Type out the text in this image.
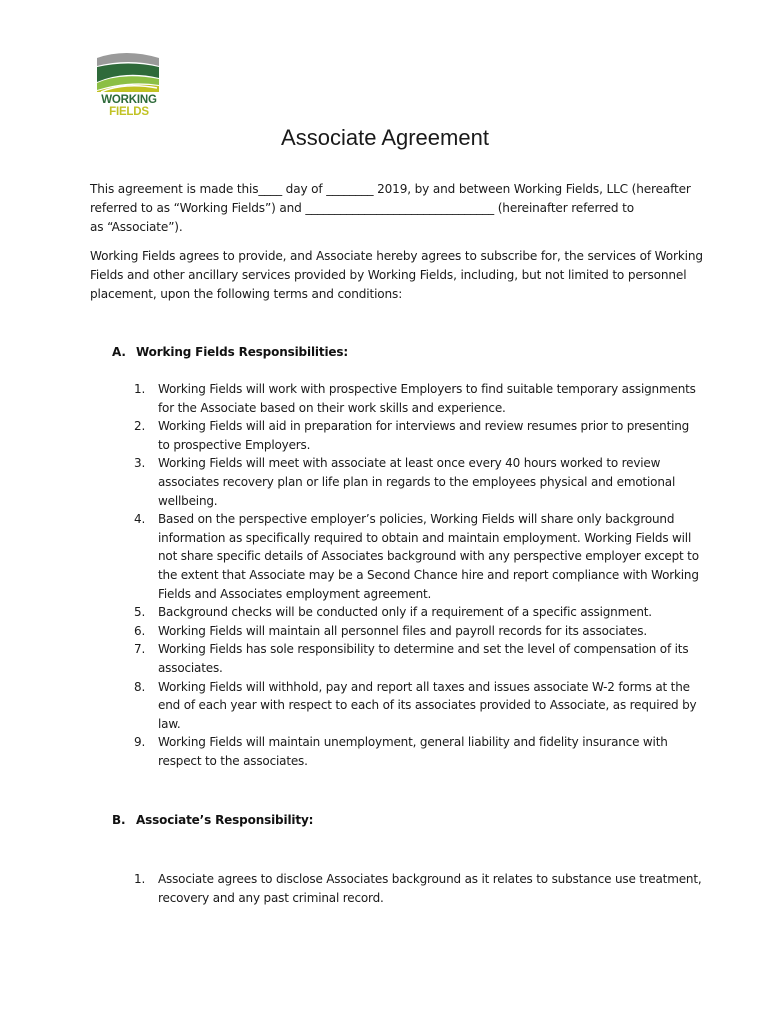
WORKING
FIELDS
Associate Agreement
This agreement is made this____ day of ________ 2019, by and between Working Fields, LLC (hereafter
referred to as “Working Fields”) and ________________________________ (hereinafter referred to
as “Associate”).
Working Fields agrees to provide, and Associate hereby agrees to subscribe for, the services of Working
Fields and other ancillary services provided by Working Fields, including, but not limited to personnel
placement, upon the following terms and conditions:
A. Working Fields Responsibilities:
1.	Working Fields will work with prospective Employers to find suitable temporary assignments
for the Associate based on their work skills and experience.
2.	Working Fields will aid in preparation for interviews and review resumes prior to presenting
to prospective Employers.
3.	Working Fields will meet with associate at least once every 40 hours worked to review
associates recovery plan or life plan in regards to the employees physical and emotional
wellbeing.
4.	Based on the perspective employer’s policies, Working Fields will share only background
information as specifically required to obtain and maintain employment. Working Fields will
not share specific details of Associates background with any perspective employer except to
the extent that Associate may be a Second Chance hire and report compliance with Working
Fields and Associates employment agreement.
5.	Background checks will be conducted only if a requirement of a specific assignment.
6.	Working Fields will maintain all personnel files and payroll records for its associates.
7.	Working Fields has sole responsibility to determine and set the level of compensation of its
associates.
8.	Working Fields will withhold, pay and report all taxes and issues associate W-2 forms at the
end of each year with respect to each of its associates provided to Associate, as required by
law.
9.	Working Fields will maintain unemployment, general liability and fidelity insurance with
respect to the associates.
B. Associate’s Responsibility:
1.	Associate agrees to disclose Associates background as it relates to substance use treatment,
recovery and any past criminal record.
